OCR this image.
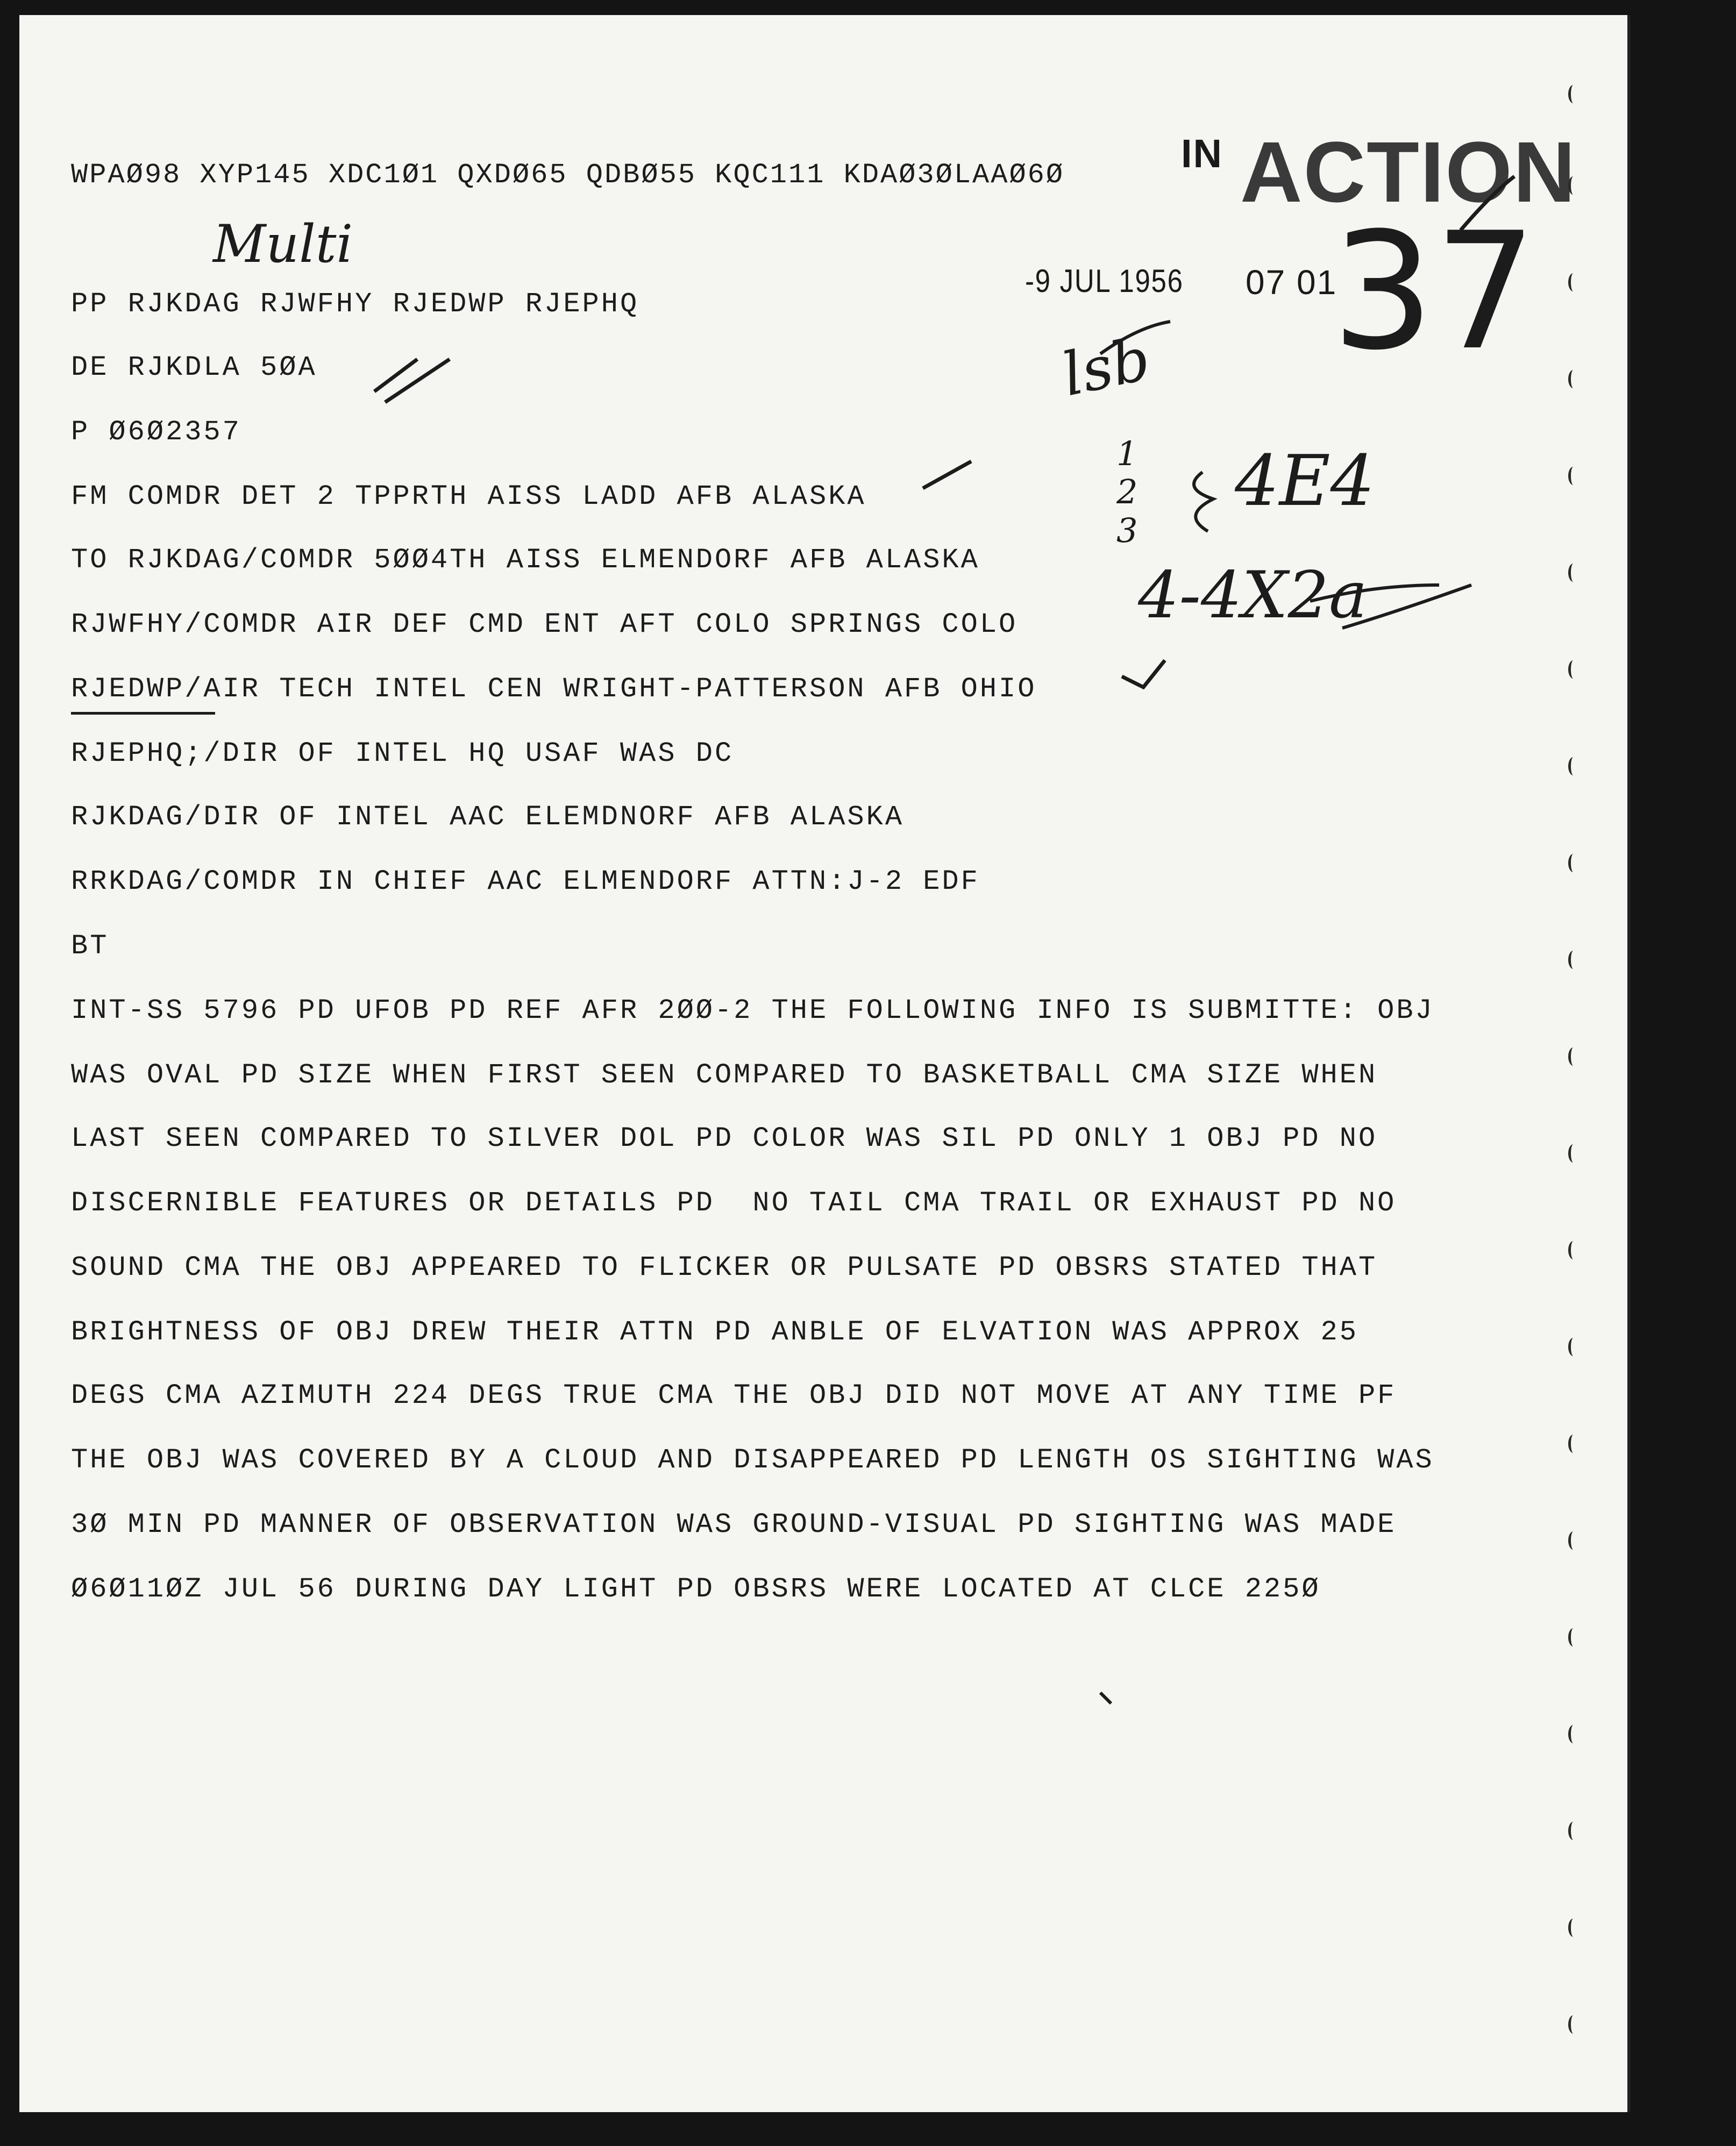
WPAØ98 XYP145 XDC1Ø1 QXDØ65 QDBØ55 KQC111 KDAØ3ØLAAØ6Ø	IN ACTION
-9 JUL 1956 07 01
Multi
lsb 37
1 2 3
4E4
4-4X2a
PP RJKDAG RJWFHY RJEDWP RJEPHQ
DE RJKDLA 5ØA
P Ø6Ø2357
FM COMDR DET 2 TPPRTH AISS LADD AFB ALASKA
TO RJKDAG/COMDR 5ØØ4TH AISS ELMENDORF AFB ALASKA
RJWFHY/COMDR AIR DEF CMD ENT AFT COLO SPRINGS COLO
RJEDWP/AIR TECH INTEL CEN WRIGHT-PATTERSON AFB OHIO
RJEPHQ;/DIR OF INTEL HQ USAF WAS DC
RJKDAG/DIR OF INTEL AAC ELEMDNORF AFB ALASKA
RRKDAG/COMDR IN CHIEF AAC ELMENDORF ATTN:J-2 EDF
BT
INT-SS 5796 PD UFOB PD REF AFR 2ØØ-2 THE FOLLOWING INFO IS SUBMITTE: OBJ
WAS OVAL PD SIZE WHEN FIRST SEEN COMPARED TO BASKETBALL CMA SIZE WHEN
LAST SEEN COMPARED TO SILVER DOL PD COLOR WAS SIL PD ONLY 1 OBJ PD NO
DISCERNIBLE FEATURES OR DETAILS PD  NO TAIL CMA TRAIL OR EXHAUST PD NO
SOUND CMA THE OBJ APPEARED TO FLICKER OR PULSATE PD OBSRS STATED THAT
BRIGHTNESS OF OBJ DREW THEIR ATTN PD ANBLE OF ELVATION WAS APPROX 25
DEGS CMA AZIMUTH 224 DEGS TRUE CMA THE OBJ DID NOT MOVE AT ANY TIME PF
THE OBJ WAS COVERED BY A CLOUD AND DISAPPEARED PD LENGTH OS SIGHTING WAS
3Ø MIN PD MANNER OF OBSERVATION WAS GROUND-VISUAL PD SIGHTING WAS MADE
Ø6Ø11ØZ JUL 56 DURING DAY LIGHT PD OBSRS WERE LOCATED AT CLCE 225Ø
